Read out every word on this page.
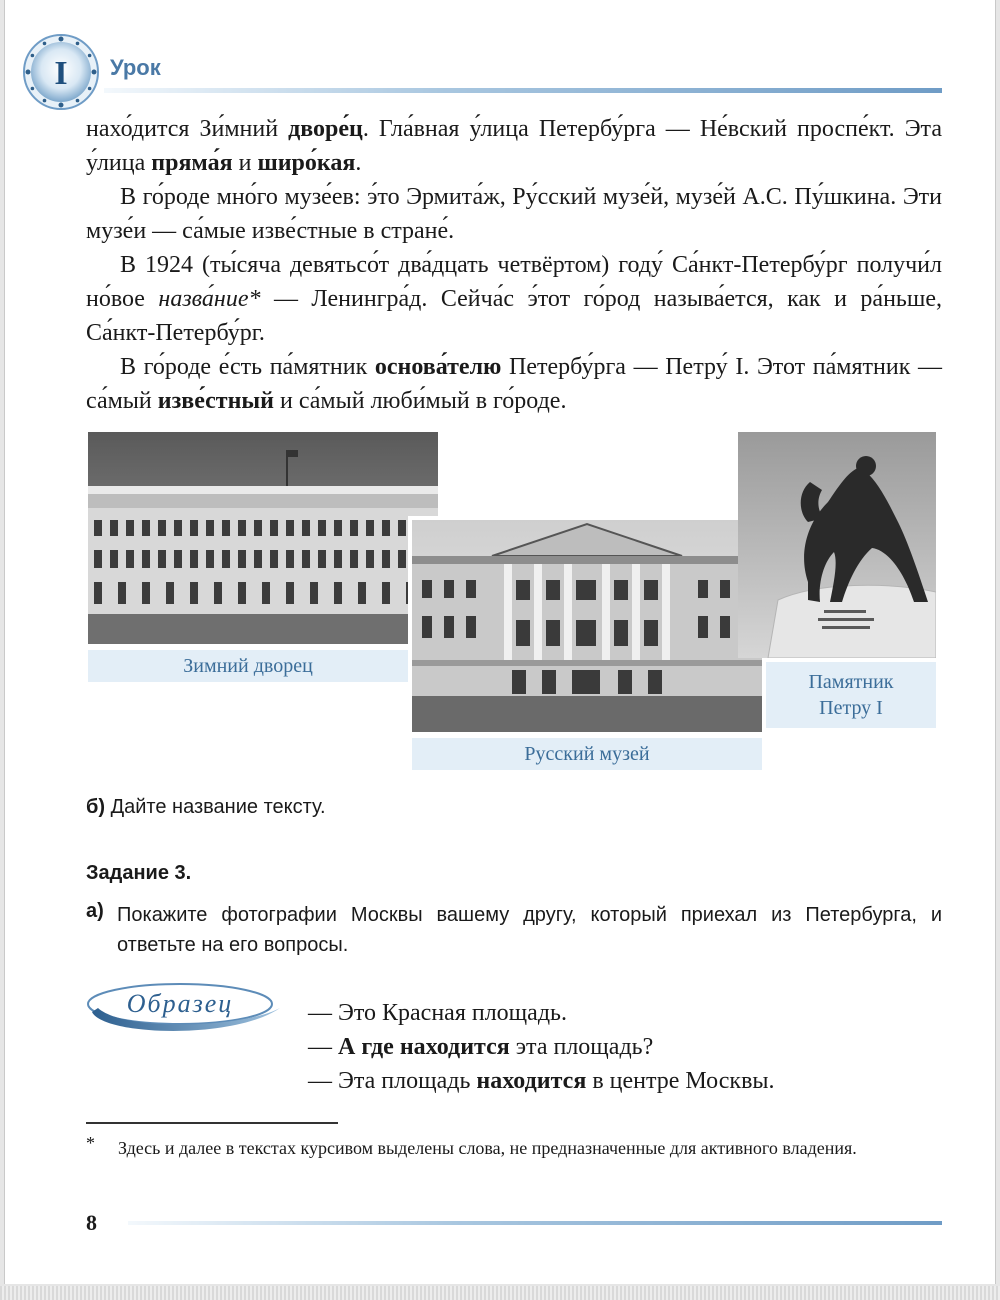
I Урок

нахо́дится Зи́мний дворе́ц. Гла́вная у́лица Петербу́рга — Не́вский проспе́кт. Эта у́лица пряма́я и широ́кая.

В го́роде мно́го музе́ев: э́то Эрмита́ж, Ру́сский музе́й, музе́й А.С. Пу́шкина. Эти музе́и — са́мые изве́стные в стране́.

В 1924 (ты́сяча девятьсо́т два́дцать четвёртом) году́ Са́нкт-Петербу́рг получи́л но́вое назва́ние* — Ленингра́д. Сейча́с э́тот го́род называ́ется, как и ра́ньше, Са́нкт-Петербу́рг.

В го́роде е́сть па́мятник основа́телю Петербу́рга — Петру́ I. Этот па́мятник — са́мый изве́стный и са́мый люби́мый в го́роде.

Зимний дворец
Русский музей
Памятник
Петру I
б) Дайте название тексту.
Задание 3.
а) Покажите фотографии Москвы вашему другу, который приехал из Петербурга, и ответьте на его вопросы.
Образец	— Это Красная площадь.
— А где находится эта площадь?
— Эта площадь находится в центре Москвы.
* Здесь и далее в текстах курсивом выделены слова, не предназначенные для активного владения.
8
